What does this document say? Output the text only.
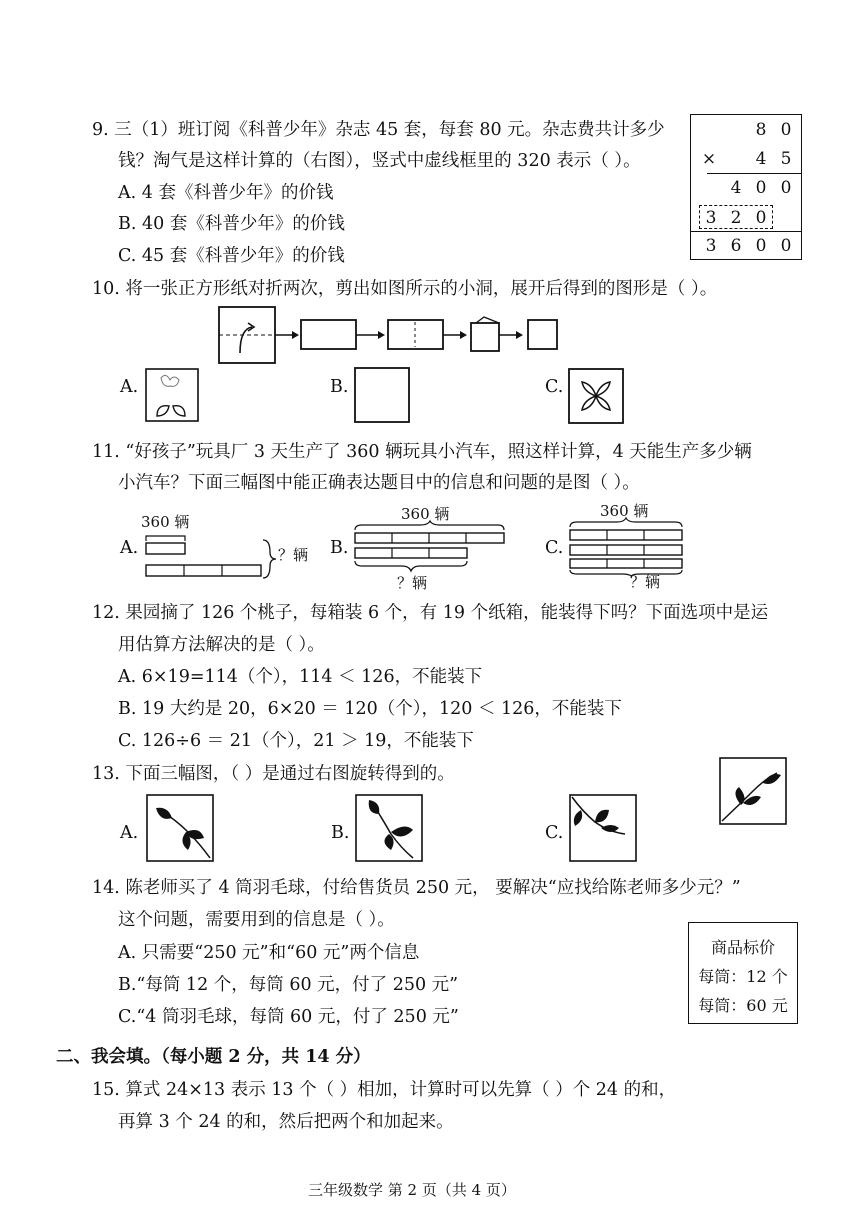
9. 三（1）班订阅《科普少年》杂志 45 套，每套 80 元。杂志费共计多少
钱？淘气是这样计算的（右图），竖式中虚线框里的 320 表示（ ）。
A. 4 套《科普少年》的价钱
B. 40 套《科普少年》的价钱
C. 45 套《科普少年》的价钱
8 0
× 4 5
4 0 0
3 2 0
3 6 0 0
10. 将一张正方形纸对折两次，剪出如图所示的小洞，展开后得到的图形是（ ）。
A.	B.	C.
11. “好孩子”玩具厂 3 天生产了 360 辆玩具小汽车，照这样计算，4 天能生产多少辆
小汽车？下面三幅图中能正确表达题目中的信息和问题的是图（ ）。
A.
360 辆
？辆 B.
360 辆
？辆
C.
360 辆
？辆
12. 果园摘了 126 个桃子，每箱装 6 个，有 19 个纸箱，能装得下吗？下面选项中是运
用估算方法解决的是（ ）。
A. 6×19=114（个），114 ＜ 126，不能装下
B. 19 大约是 20，6×20 ＝ 120（个），120 ＜ 126，不能装下
C. 126÷6 ＝ 21（个），21 ＞ 19，不能装下
13. 下面三幅图，（ ）是通过右图旋转得到的。
A.	B.	C.
14. 陈老师买了 4 筒羽毛球，付给售货员 250 元， 要解决“应找给陈老师多少元？”
这个问题，需要用到的信息是（ ）。
A. 只需要“250 元”和“60 元”两个信息
B.“每筒 12 个，每筒 60 元，付了 250 元”
C.“4 筒羽毛球，每筒 60 元，付了 250 元”
商品标价
每筒：12 个
每筒：60 元
二、我会填。（每小题 2 分，共 14 分）
15. 算式 24×13 表示 13 个（ ）相加，计算时可以先算（ ）个 24 的和，
再算 3 个 24 的和，然后把两个和加起来。
三年级数学 第 2 页（共 4 页）
